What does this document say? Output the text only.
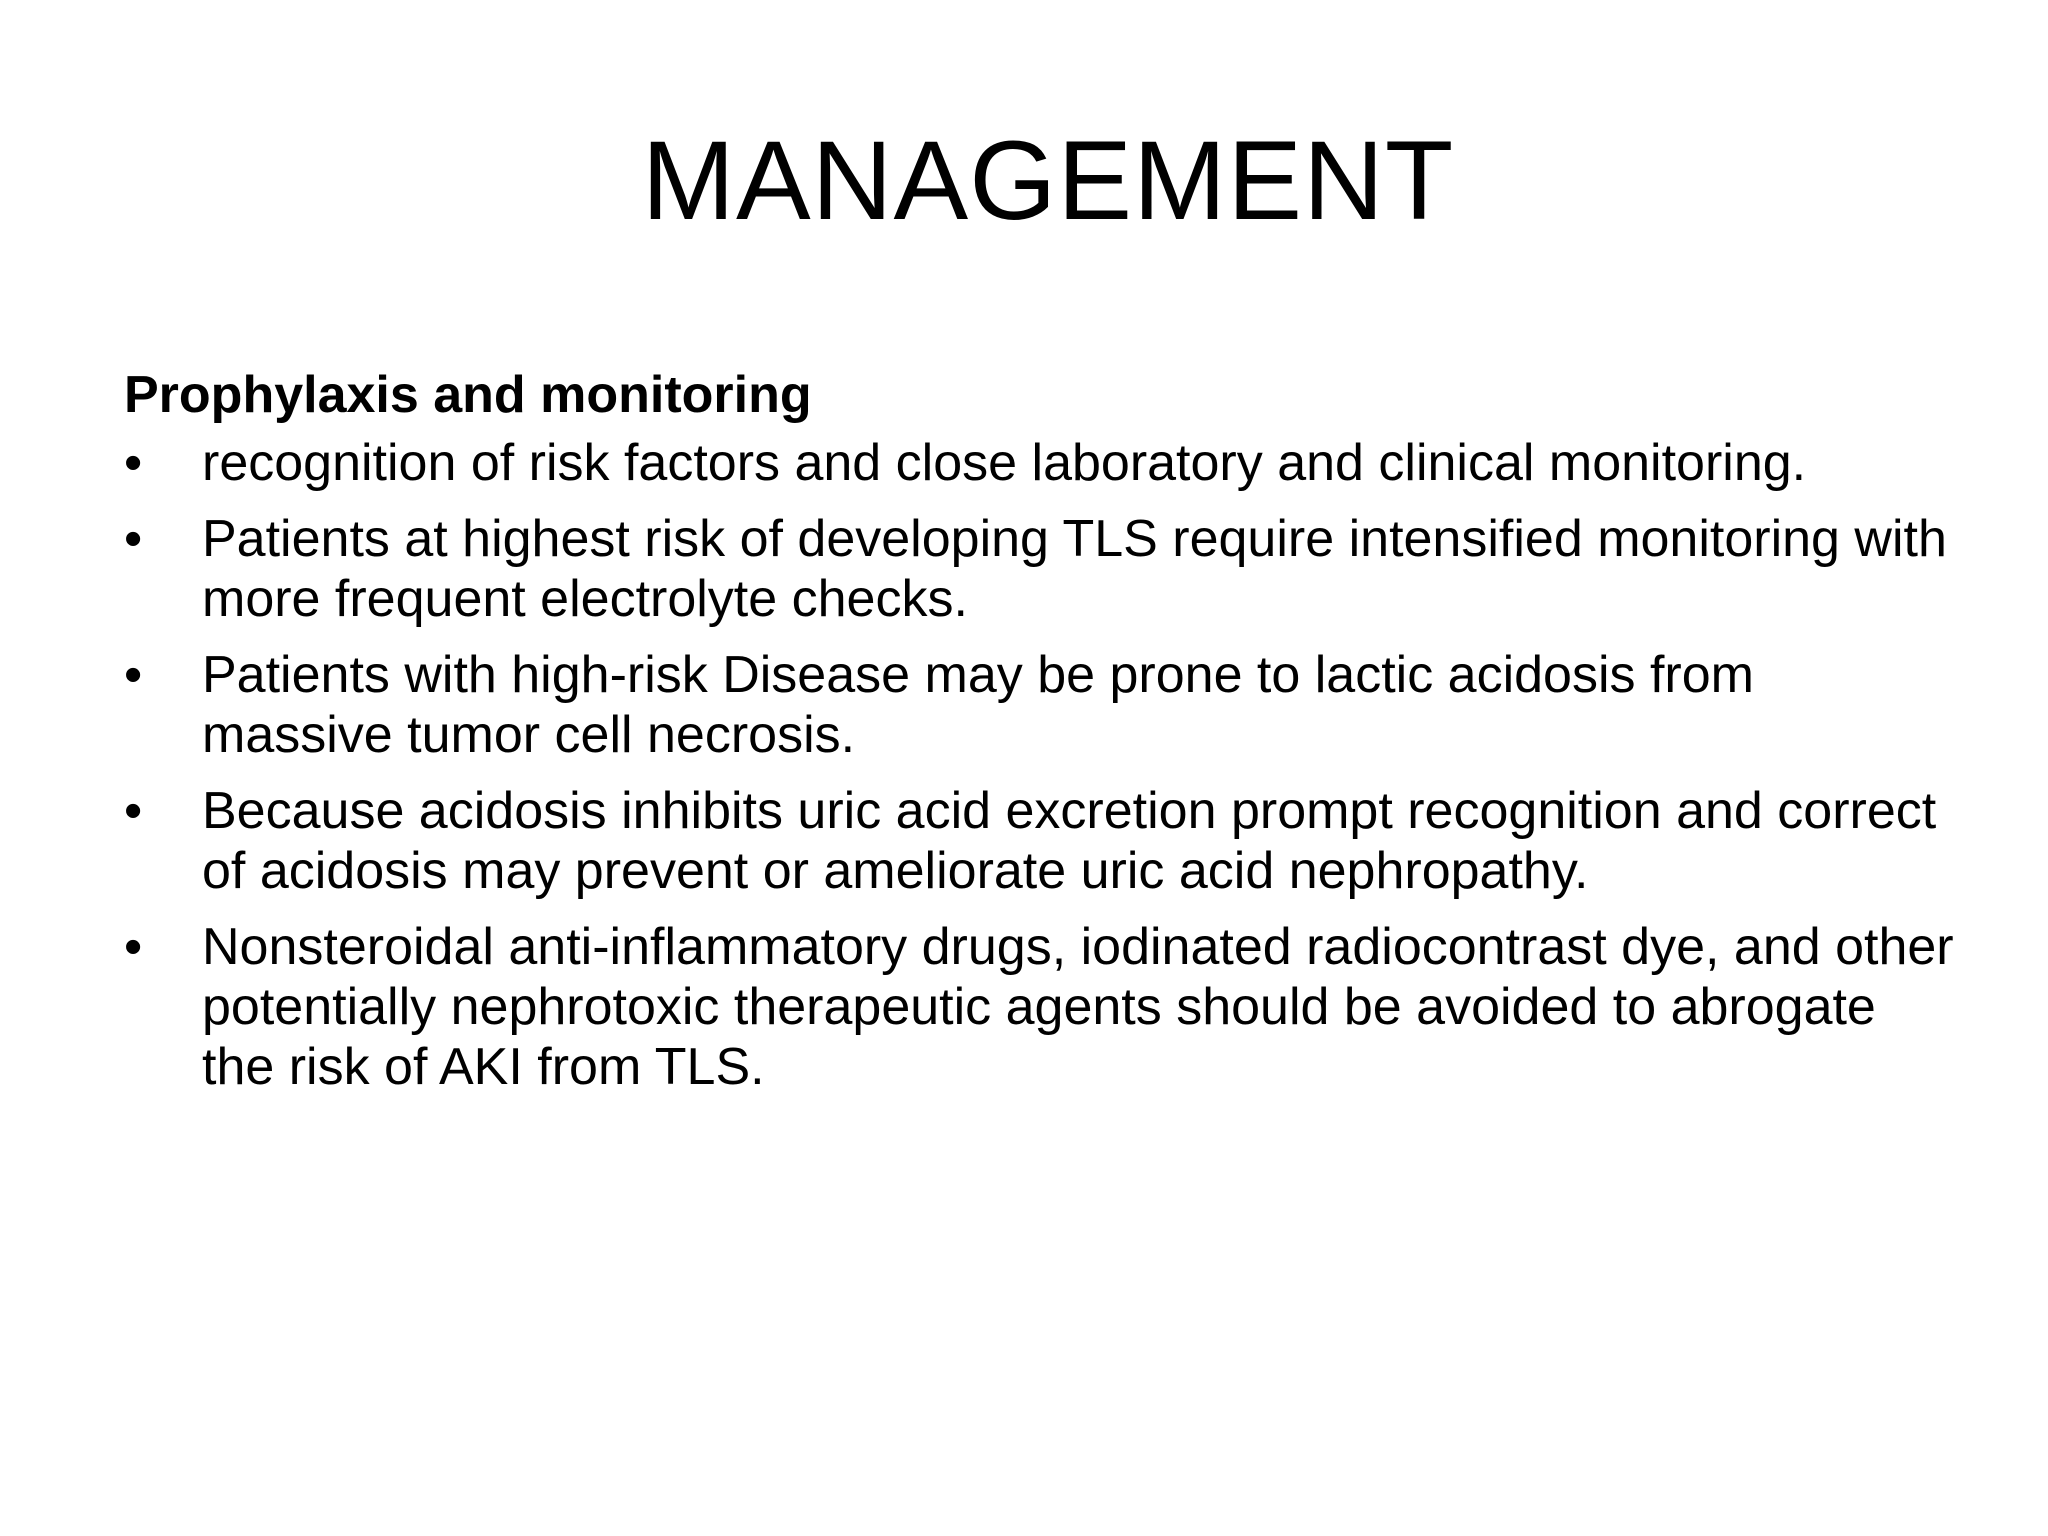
MANAGEMENT
Prophylaxis and monitoring
•	recognition of risk factors and close laboratory and clinical monitoring.
•	Patients at highest risk of developing TLS require intensified monitoring with more frequent electrolyte checks.
•	Patients with high-risk Disease may be prone to lactic acidosis from massive tumor cell necrosis.
•	Because acidosis inhibits uric acid excretion prompt recognition and correct of acidosis may prevent or ameliorate uric acid nephropathy.
•	Nonsteroidal anti-inflammatory drugs, iodinated radiocontrast dye, and other potentially nephrotoxic therapeutic agents should be avoided to abrogate the risk of AKI from TLS.
